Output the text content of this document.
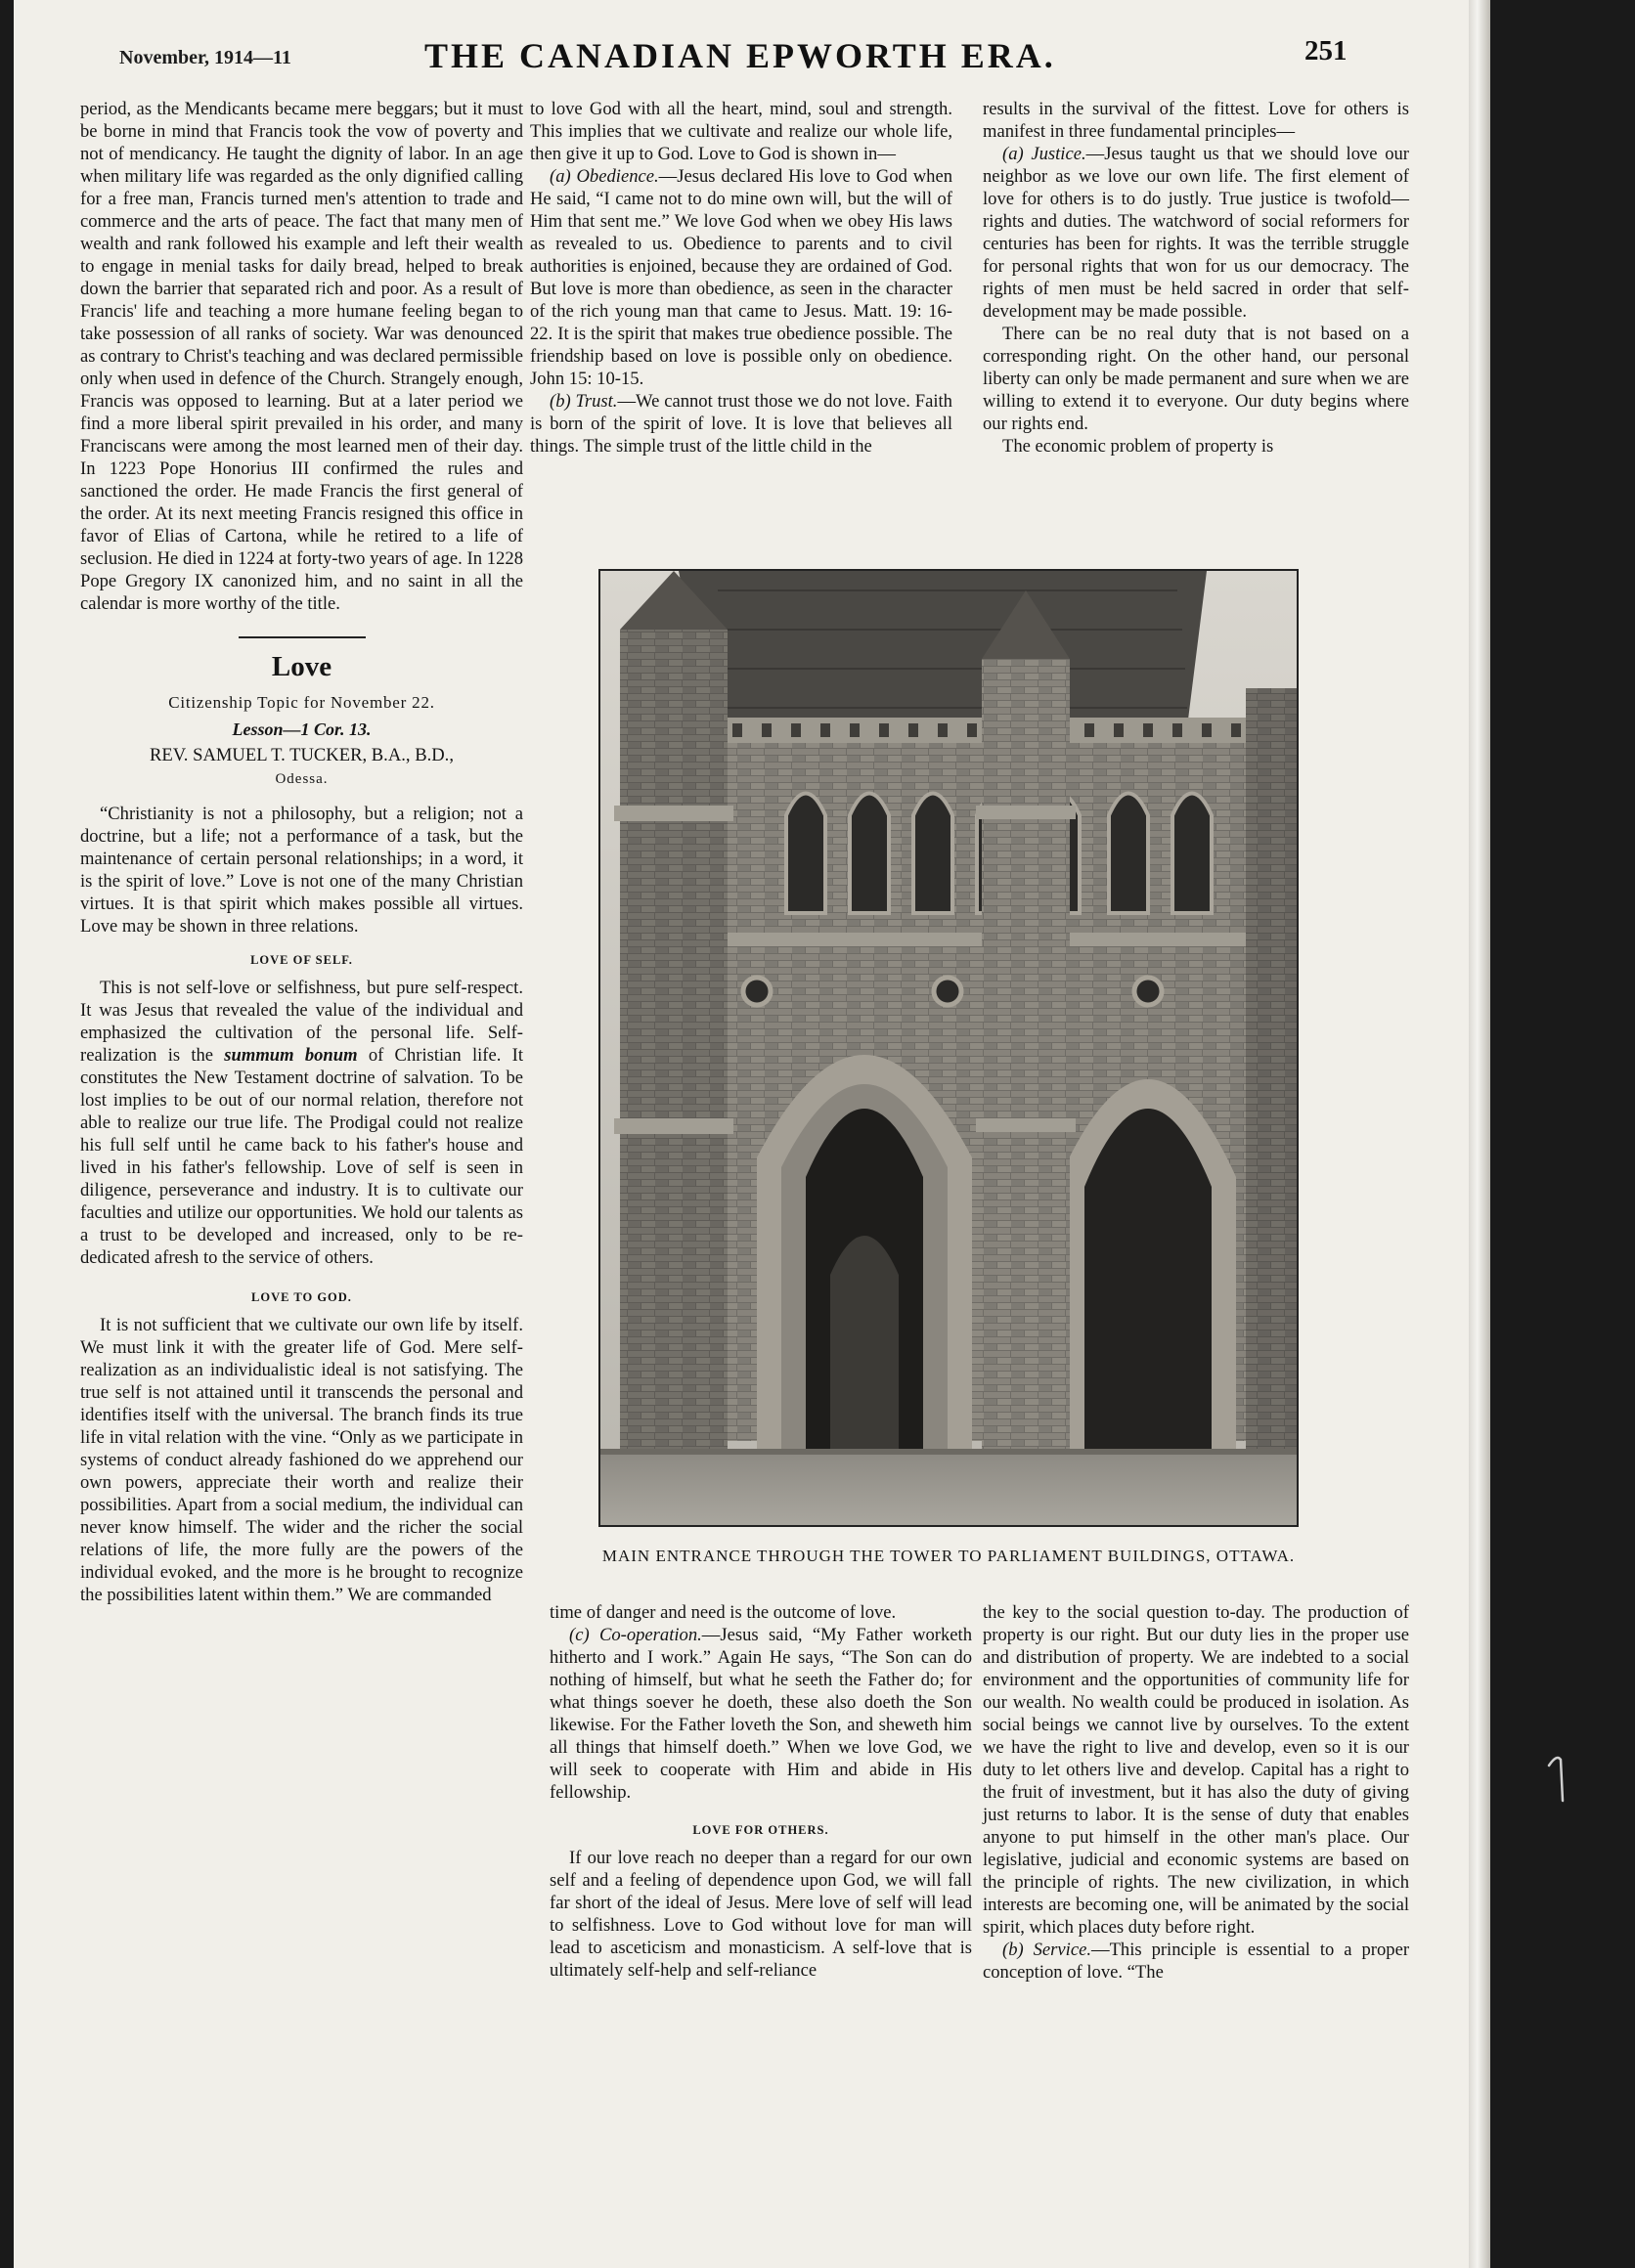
November, 1914—11	THE CANADIAN EPWORTH ERA.	251

period, as the Mendicants became mere beggars; but it must be borne in mind that Francis took the vow of poverty and not of mendicancy. He taught the dignity of labor. In an age when military life was regarded as the only dignified calling for a free man, Francis turned men's attention to trade and commerce and the arts of peace. The fact that many men of wealth and rank followed his example and left their wealth to engage in menial tasks for daily bread, helped to break down the barrier that separated rich and poor. As a result of Francis' life and teaching a more humane feeling began to take possession of all ranks of society. War was denounced as contrary to Christ's teaching and was declared permissible only when used in defence of the Church. Strangely enough, Francis was opposed to learning. But at a later period we find a more liberal spirit prevailed in his order, and many Franciscans were among the most learned men of their day. In 1223 Pope Honorius III confirmed the rules and sanctioned the order. He made Francis the first general of the order. At its next meeting Francis resigned this office in favor of Elias of Cartona, while he retired to a life of seclusion. He died in 1224 at forty-two years of age. In 1228 Pope Gregory IX canonized him, and no saint in all the calendar is more worthy of the title.

Love
Citizenship Topic for November 22.
Lesson—1 Cor. 13.
REV. SAMUEL T. TUCKER, B.A., B.D.,
Odessa.

“Christianity is not a philosophy, but a religion; not a doctrine, but a life; not a performance of a task, but the maintenance of certain personal relationships; in a word, it is the spirit of love.” Love is not one of the many Christian virtues. It is that spirit which makes possible all virtues. Love may be shown in three relations.

LOVE OF SELF.

This is not self-love or selfishness, but pure self-respect. It was Jesus that revealed the value of the individual and emphasized the cultivation of the personal life. Self-realization is the summum bonum of Christian life. It constitutes the New Testament doctrine of salvation. To be lost implies to be out of our normal relation, therefore not able to realize our true life. The Prodigal could not realize his full self until he came back to his father's house and lived in his father's fellowship. Love of self is seen in diligence, perseverance and industry. It is to cultivate our faculties and utilize our opportunities. We hold our talents as a trust to be developed and increased, only to be re-dedicated afresh to the service of others.

LOVE TO GOD.

It is not sufficient that we cultivate our own life by itself. We must link it with the greater life of God. Mere self-realization as an individualistic ideal is not satisfying. The true self is not attained until it transcends the personal and identifies itself with the universal. The branch finds its true life in vital relation with the vine. “Only as we participate in systems of conduct already fashioned do we apprehend our own powers, appreciate their worth and realize their possibilities. Apart from a social medium, the individual can never know himself. The wider and the richer the social relations of life, the more fully are the powers of the individual evoked, and the more is he brought to recognize the possibilities latent within them.” We are commanded

to love God with all the heart, mind, soul and strength. This implies that we cultivate and realize our whole life, then give it up to God. Love to God is shown in—

(a) Obedience.—Jesus declared His love to God when He said, “I came not to do mine own will, but the will of Him that sent me.” We love God when we obey His laws as revealed to us. Obedience to parents and to civil authorities is enjoined, because they are ordained of God. But love is more than obedience, as seen in the character of the rich young man that came to Jesus. Matt. 19: 16-22. It is the spirit that makes true obedience possible. The friendship based on love is possible only on obedience. John 15: 10-15.

(b) Trust.—We cannot trust those we do not love. Faith is born of the spirit of love. It is love that believes all things. The simple trust of the little child in the

results in the survival of the fittest. Love for others is manifest in three fundamental principles—

(a) Justice.—Jesus taught us that we should love our neighbor as we love our own life. The first element of love for others is to do justly. True justice is twofold—rights and duties. The watchword of social reformers for centuries has been for rights. It was the terrible struggle for personal rights that won for us our democracy. The rights of men must be held sacred in order that self-development may be made possible.

There can be no real duty that is not based on a corresponding right. On the other hand, our personal liberty can only be made permanent and sure when we are willing to extend it to everyone. Our duty begins where our rights end.

The economic problem of property is

MAIN ENTRANCE THROUGH THE TOWER TO PARLIAMENT BUILDINGS, OTTAWA.

time of danger and need is the outcome of love.

(c) Co-operation.—Jesus said, “My Father worketh hitherto and I work.” Again He says, “The Son can do nothing of himself, but what he seeth the Father do; for what things soever he doeth, these also doeth the Son likewise. For the Father loveth the Son, and sheweth him all things that himself doeth.” When we love God, we will seek to cooperate with Him and abide in His fellowship.

LOVE FOR OTHERS.

If our love reach no deeper than a regard for our own self and a feeling of dependence upon God, we will fall far short of the ideal of Jesus. Mere love of self will lead to selfishness. Love to God without love for man will lead to asceticism and monasticism. A self-love that is ultimately self-help and self-reliance

the key to the social question to-day. The production of property is our right. But our duty lies in the proper use and distribution of property. We are indebted to a social environment and the opportunities of community life for our wealth. No wealth could be produced in isolation. As social beings we cannot live by ourselves. To the extent we have the right to live and develop, even so it is our duty to let others live and develop. Capital has a right to the fruit of investment, but it has also the duty of giving just returns to labor. It is the sense of duty that enables anyone to put himself in the other man's place. Our legislative, judicial and economic systems are based on the principle of rights. The new civilization, in which interests are becoming one, will be animated by the social spirit, which places duty before right.

(b) Service.—This principle is essential to a proper conception of love. “The
